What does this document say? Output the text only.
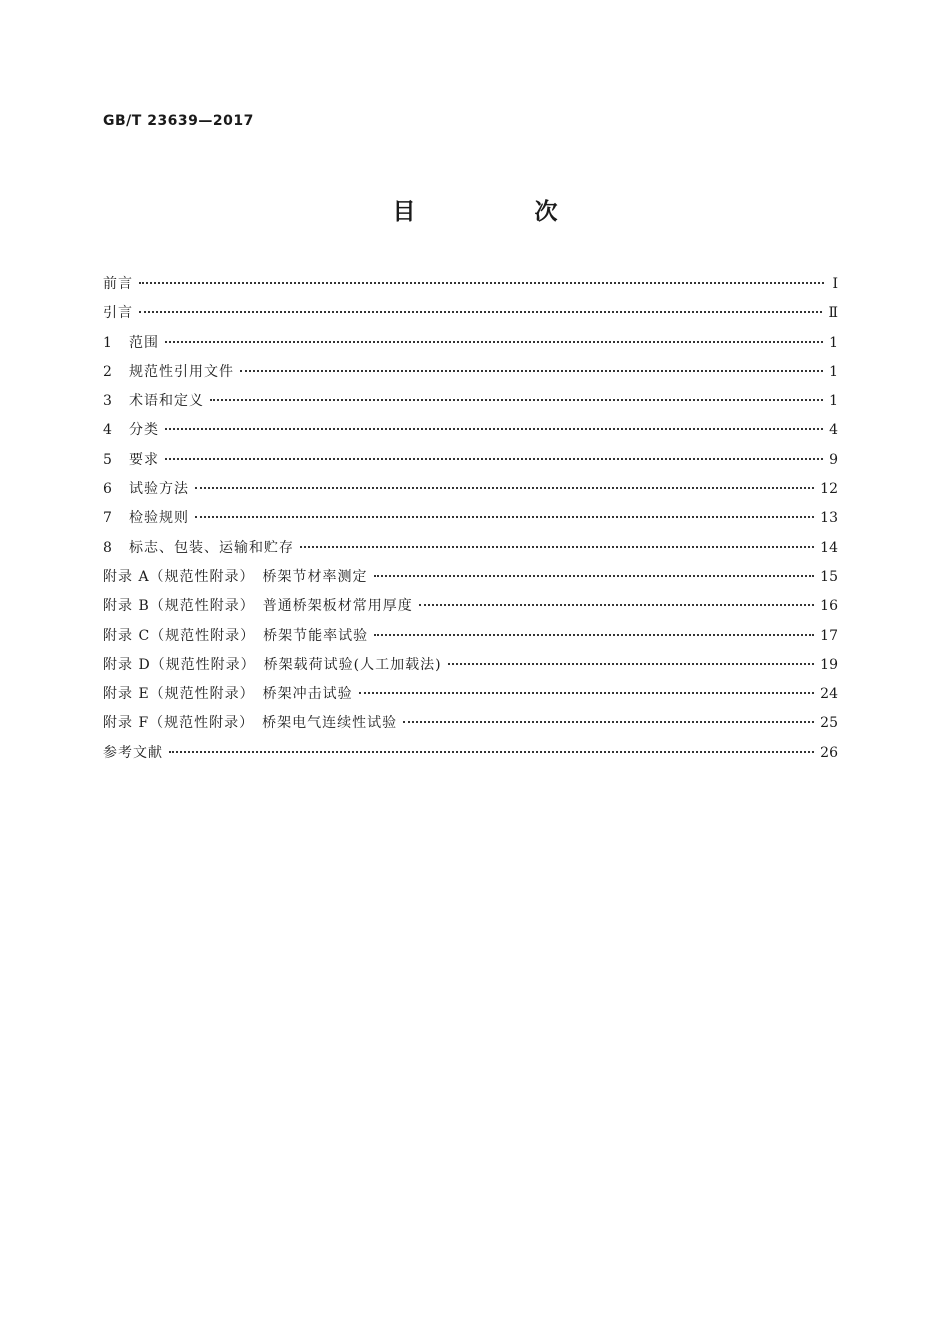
GB/T 23639—2017
目　次
前言	Ⅰ
引言	Ⅱ
1	范围	1
2	规范性引用文件	1
3	术语和定义	1
4	分类	4
5	要求	9
6	试验方法	12
7	检验规则	13
8	标志、包装、运输和贮存	14
附录 A（规范性附录）　桥架节材率测定	15
附录 B（规范性附录）　普通桥架板材常用厚度	16
附录 C（规范性附录）　桥架节能率试验	17
附录 D（规范性附录）　桥架载荷试验(人工加载法)	19
附录 E（规范性附录）　桥架冲击试验	24
附录 F（规范性附录）　桥架电气连续性试验	25
参考文献	26
